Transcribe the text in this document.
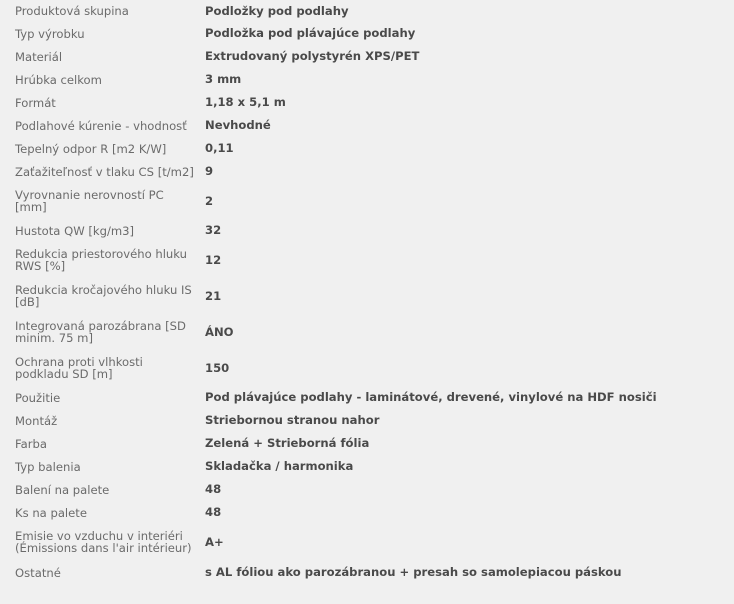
Produktová skupina	Podložky pod podlahy
Typ výrobku	Podložka pod plávajúce podlahy
Materiál	Extrudovaný polystyrén XPS/PET
Hrúbka celkom	3 mm
Formát	1,18 x 5,1 m
Podlahové kúrenie - vhodnosť	Nevhodné
Tepelný odpor R [m2 K/W]	0,11
Zaťažiteľnosť v tlaku CS [t/m2]	9
Vyrovnanie nerovností PC [mm]	2
Hustota QW [kg/m3]	32
Redukcia priestorového hluku RWS [%]	12
Redukcia kročajového hluku IS [dB]	21
Integrovaná parozábrana [SD minim. 75 m]	ÁNO
Ochrana proti vlhkosti podkladu SD [m]	150
Použitie	Pod plávajúce podlahy - laminátové, drevené, vinylové na HDF nosiči
Montáž	Striebornou stranou nahor
Farba	Zelená + Strieborná fólia
Typ balenia	Skladačka / harmonika
Balení na palete	48
Ks na palete	48
Emisie vo vzduchu v interiéri (Émissions dans l'air intérieur)	A+
Ostatné	s AL fóliou ako parozábranou + presah so samolepiacou páskou
